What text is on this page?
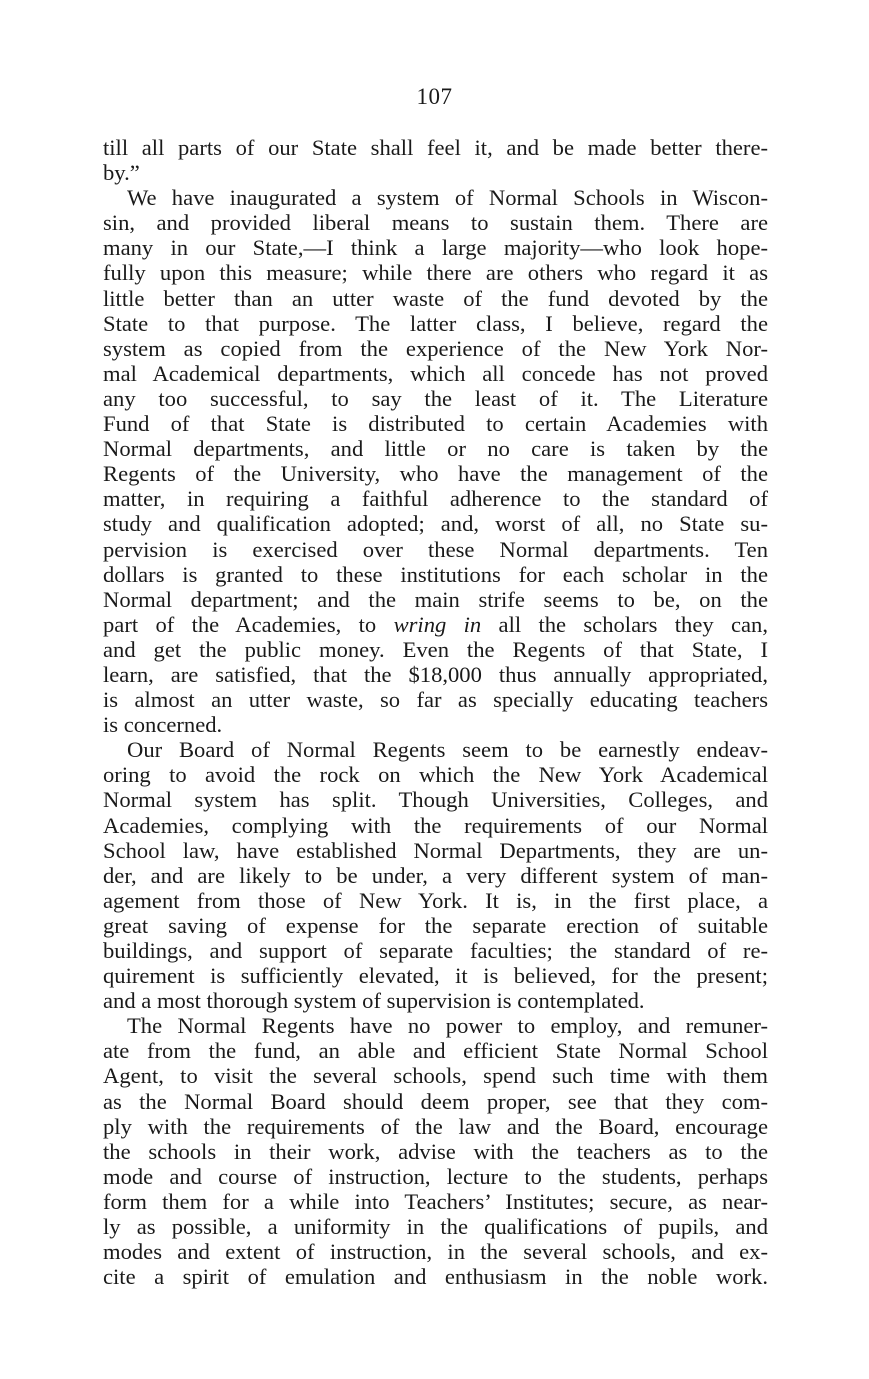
107
till all parts of our State shall feel it, and be made better there-
by.”
We have inaugurated a system of Normal Schools in Wiscon-
sin, and provided liberal means to sustain them. There are
many in our State,—I think a large majority—who look hope-
fully upon this measure; while there are others who regard it as
little better than an utter waste of the fund devoted by the
State to that purpose. The latter class, I believe, regard the
system as copied from the experience of the New York Nor-
mal Academical departments, which all concede has not proved
any too successful, to say the least of it. The Literature
Fund of that State is distributed to certain Academies with
Normal departments, and little or no care is taken by the
Regents of the University, who have the management of the
matter, in requiring a faithful adherence to the standard of
study and qualification adopted; and, worst of all, no State su-
pervision is exercised over these Normal departments. Ten
dollars is granted to these institutions for each scholar in the
Normal department; and the main strife seems to be, on the
part of the Academies, to wring in all the scholars they can,
and get the public money. Even the Regents of that State, I
learn, are satisfied, that the $18,000 thus annually appropriated,
is almost an utter waste, so far as specially educating teachers
is concerned.
Our Board of Normal Regents seem to be earnestly endeav-
oring to avoid the rock on which the New York Academical
Normal system has split. Though Universities, Colleges, and
Academies, complying with the requirements of our Normal
School law, have established Normal Departments, they are un-
der, and are likely to be under, a very different system of man-
agement from those of New York. It is, in the first place, a
great saving of expense for the separate erection of suitable
buildings, and support of separate faculties; the standard of re-
quirement is sufficiently elevated, it is believed, for the present;
and a most thorough system of supervision is contemplated.
The Normal Regents have no power to employ, and remuner-
ate from the fund, an able and efficient State Normal School
Agent, to visit the several schools, spend such time with them
as the Normal Board should deem proper, see that they com-
ply with the requirements of the law and the Board, encourage
the schools in their work, advise with the teachers as to the
mode and course of instruction, lecture to the students, perhaps
form them for a while into Teachers’ Institutes; secure, as near-
ly as possible, a uniformity in the qualifications of pupils, and
modes and extent of instruction, in the several schools, and ex-
cite a spirit of emulation and enthusiasm in the noble work.
